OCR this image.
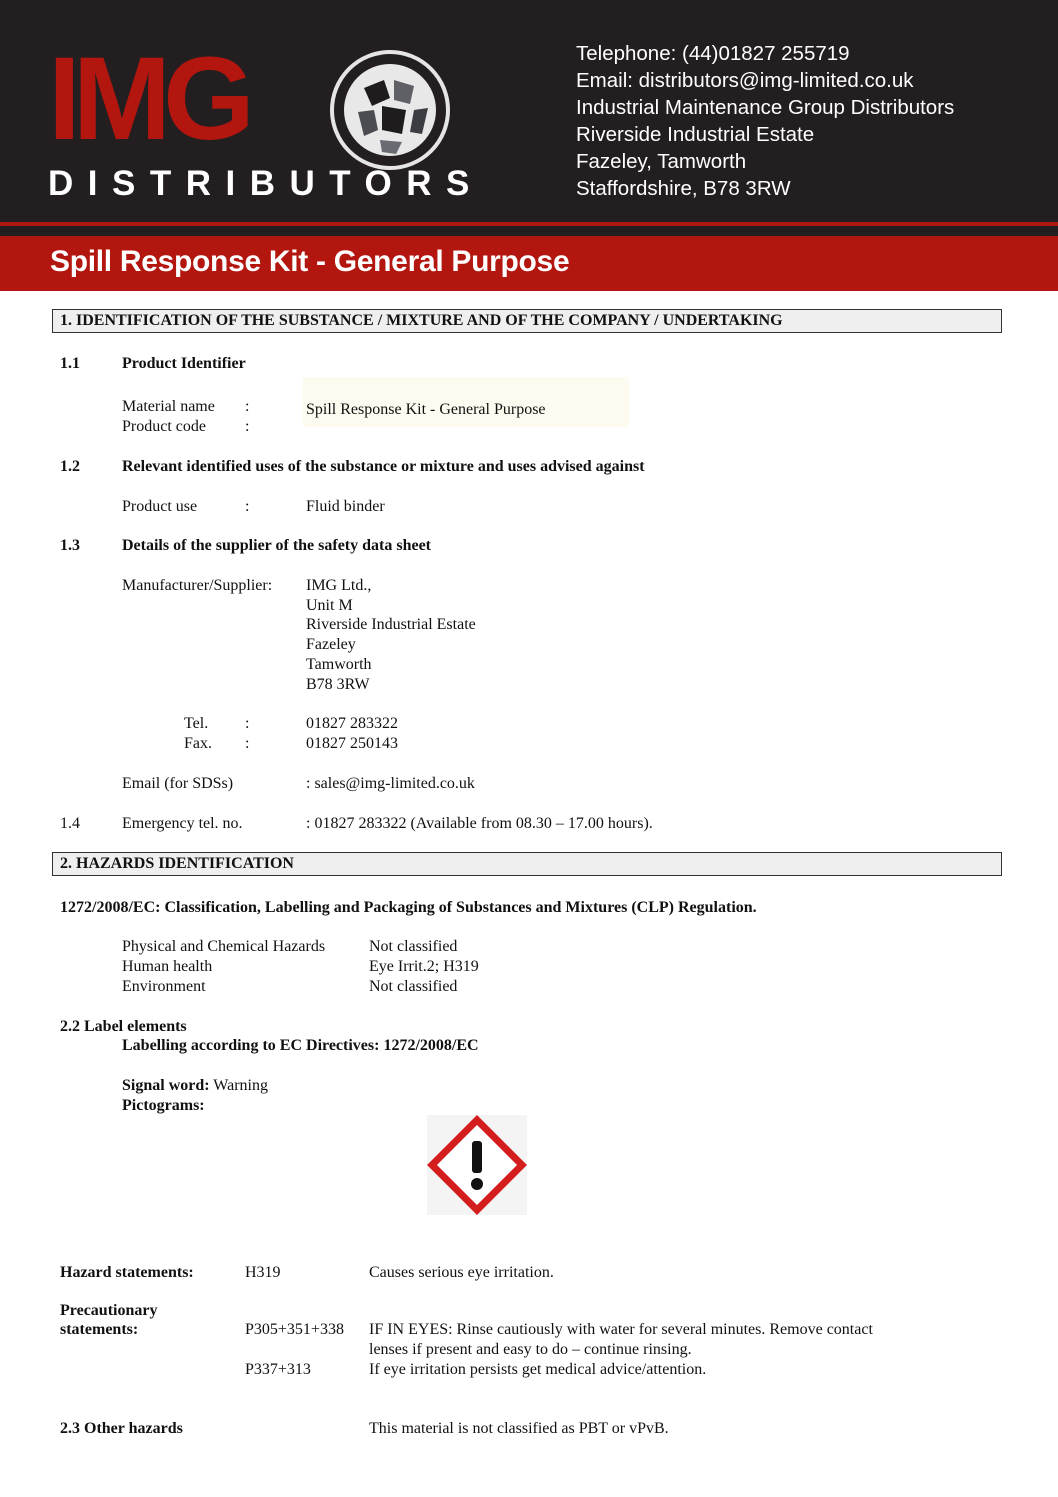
IMG
DISTRIBUTORS
Telephone: (44)01827 255719
Email: distributors@img-limited.co.uk
Industrial Maintenance Group Distributors
Riverside Industrial Estate
Fazeley, Tamworth
Staffordshire, B78 3RW
Spill Response Kit - General Purpose
1. IDENTIFICATION OF THE SUBSTANCE / MIXTURE AND OF THE COMPANY / UNDERTAKING
1.1	Product Identifier
Material name :	Spill Response Kit - General Purpose
Product code :
1.2	Relevant identified uses of the substance or mixture and uses advised against
Product use	:	Fluid binder
1.3	Details of the supplier of the safety data sheet
Manufacturer/Supplier: IMG Ltd.,
Unit M
Riverside Industrial Estate
Fazeley
Tamworth
B78 3RW
Tel. :	01827 283322
Fax. :	01827 250143
Email (for SDSs)	: sales@img-limited.co.uk
1.4	Emergency tel. no.	: 01827 283322 (Available from 08.30 – 17.00 hours).
2. HAZARDS IDENTIFICATION
1272/2008/EC: Classification, Labelling and Packaging of Substances and Mixtures (CLP) Regulation.
Physical and Chemical Hazards	Not classified
Human health	Eye Irrit.2; H319
Environment	Not classified
2.2 Label elements
Labelling according to EC Directives: 1272/2008/EC
Signal word: Warning
Pictograms:
Hazard statements:	H319	Causes serious eye irritation.
Precautionary
statements:	P305+351+338 IF IN EYES: Rinse cautiously with water for several minutes. Remove contact
lenses if present and easy to do – continue rinsing.
P337+313	If eye irritation persists get medical advice/attention.
2.3 Other hazards	This material is not classified as PBT or vPvB.
